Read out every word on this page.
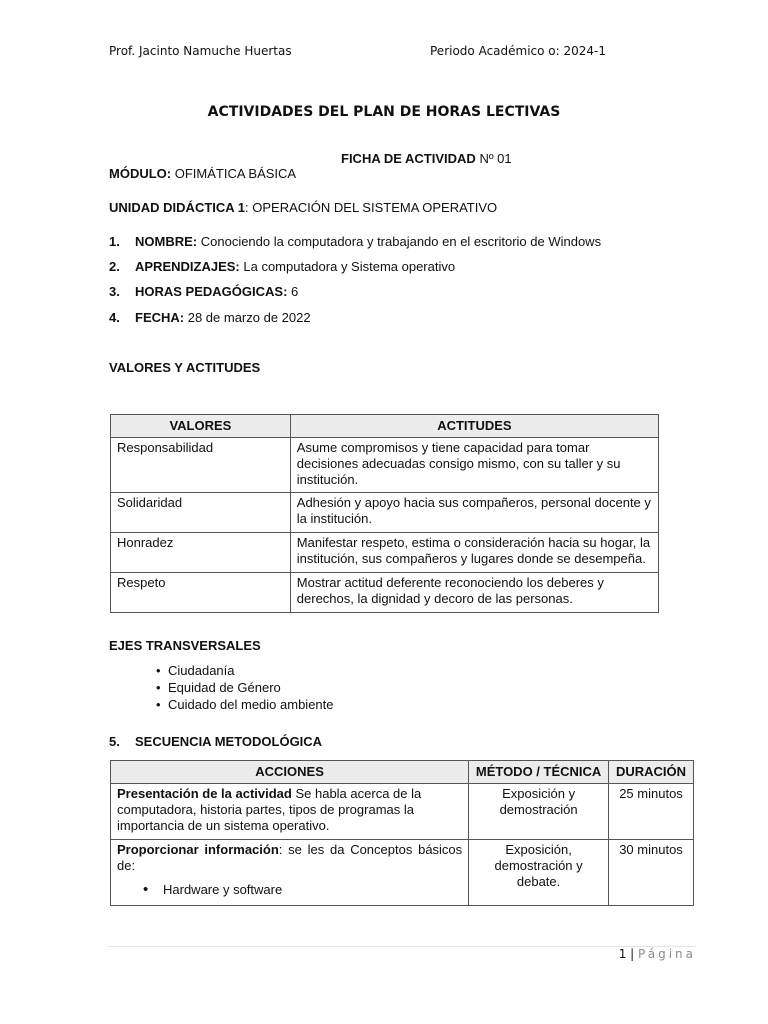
Prof. Jacinto Namuche Huertas	Periodo Académico o: 2024-1
ACTIVIDADES DEL PLAN DE HORAS LECTIVAS
FICHA DE ACTIVIDAD Nº 01
MÓDULO: OFIMÁTICA BÁSICA
UNIDAD DIDÁCTICA 1: OPERACIÓN DEL SISTEMA OPERATIVO
1. NOMBRE: Conociendo la computadora y trabajando en el escritorio de Windows
2. APRENDIZAJES: La computadora y Sistema operativo
3. HORAS PEDAGÓGICAS: 6
4. FECHA: 28 de marzo de 2022
VALORES Y ACTITUDES
VALORES	ACTITUDES
Responsabilidad	Asume compromisos y tiene capacidad para tomar decisiones adecuadas consigo mismo, con su taller y su institución.
Solidaridad	Adhesión y apoyo hacia sus compañeros, personal docente y la institución.
Honradez	Manifestar respeto, estima o consideración hacia su hogar, la institución, sus compañeros y lugares donde se desempeña.
Respeto	Mostrar actitud deferente reconociendo los deberes y derechos, la dignidad y decoro de las personas.
EJES TRANSVERSALES
• Ciudadanía
• Equidad de Género
• Cuidado del medio ambiente
5. SECUENCIA METODOLÓGICA
ACCIONES	MÉTODO / TÉCNICA	DURACIÓN
Presentación de la actividad Se habla acerca de la computadora, historia partes, tipos de programas la importancia de un sistema operativo.	Exposición y demostración	25 minutos
Proporcionar información: se les da Conceptos básicos de:
• Hardware y software	Exposición, demostración y debate.	30 minutos
1 | Página
